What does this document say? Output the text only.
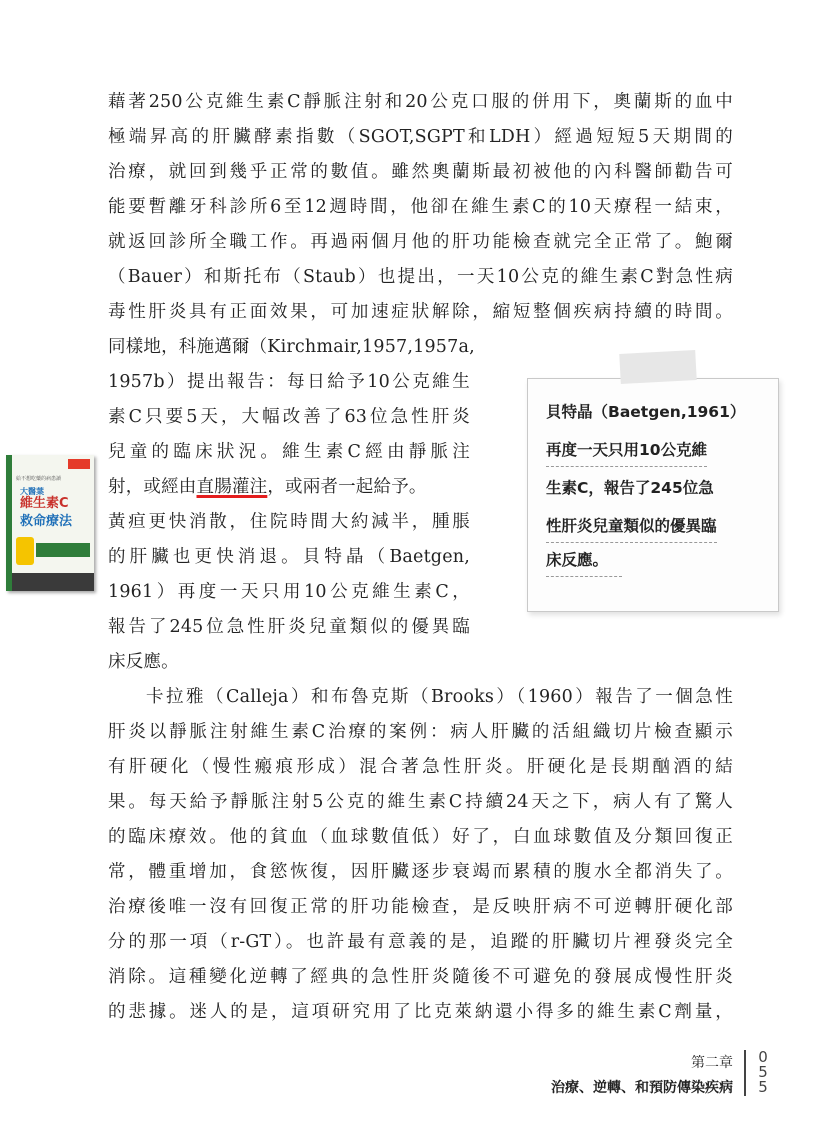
藉著250公克維生素C靜脈注射和20公克口服的併用下，奧蘭斯的血中
極端昇高的肝臟酵素指數（SGOT,SGPT和LDH）經過短短5天期間的
治療，就回到幾乎正常的數值。雖然奧蘭斯最初被他的內科醫師勸告可
能要暫離牙科診所6至12週時間，他卻在維生素C的10天療程一結束，
就返回診所全職工作。再過兩個月他的肝功能檢查就完全正常了。鮑爾
（Bauer）和斯托布（Staub）也提出，一天10公克的維生素C對急性病
毒性肝炎具有正面效果，可加速症狀解除，縮短整個疾病持續的時間。
同樣地，科施邁爾（Kirchmair,1957,1957a,
1957b）提出報告：每日給予10公克維生
素C只要5天，大幅改善了63位急性肝炎
兒童的臨床狀況。維生素C經由靜脈注
射，或經由直腸灌注，或兩者一起給予。
黃疸更快消散，住院時間大約減半，腫脹
的肝臟也更快消退。貝特晶（Baetgen,
1961）再度一天只用10公克維生素C，
報告了245位急性肝炎兒童類似的優異臨
床反應。
卡拉雅（Calleja）和布魯克斯（Brooks）（1960）報告了一個急性
肝炎以靜脈注射維生素C治療的案例：病人肝臟的活組織切片檢查顯示
有肝硬化（慢性瘢痕形成）混合著急性肝炎。肝硬化是長期酗酒的結
果。每天給予靜脈注射5公克的維生素C持續24天之下，病人有了驚人
的臨床療效。他的貧血（血球數值低）好了，白血球數值及分類回復正
常，體重增加，食慾恢復，因肝臟逐步衰竭而累積的腹水全都消失了。
治療後唯一沒有回復正常的肝功能檢查，是反映肝病不可逆轉肝硬化部
分的那一項（r-GT）。也許最有意義的是，追蹤的肝臟切片裡發炎完全
消除。這種變化逆轉了經典的急性肝炎隨後不可避免的發展成慢性肝炎
的悲據。迷人的是，這項研究用了比克萊納還小得多的維生素C劑量，
給不想吃藥的病患讀
大醫葉
維生素C
救命療法
貝特晶（Baetgen,1961）
再度一天只用10公克維
生素C，報告了245位急
性肝炎兒童類似的優異臨
床反應。
第二章
治療、逆轉、和預防傳染疾病
055
